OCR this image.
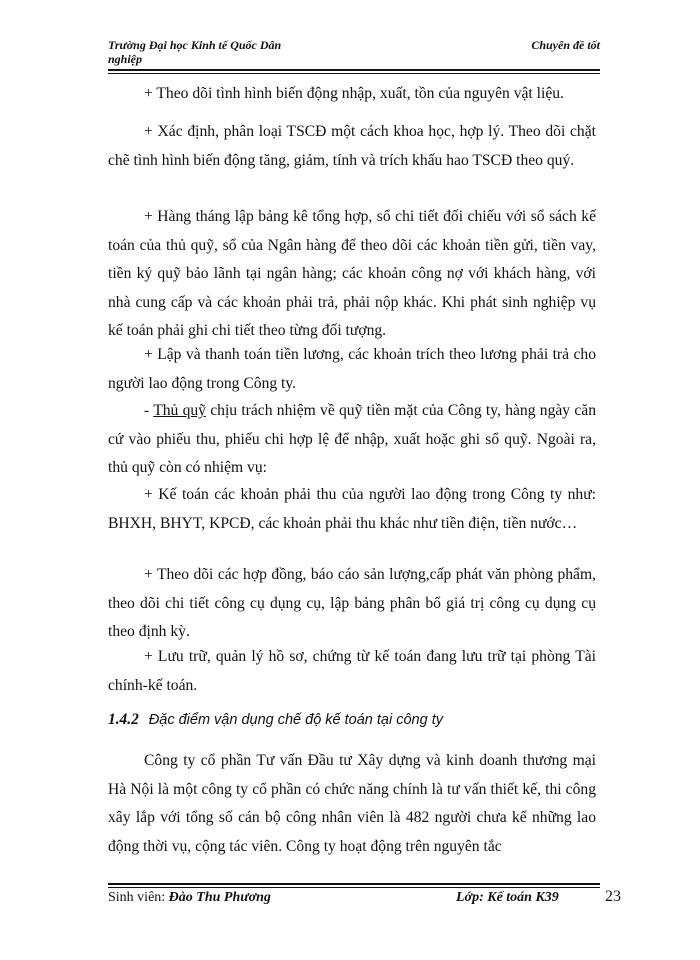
Trường Đại học Kinh tế Quốc Dân
nghiệp
Chuyên đề tốt

+ Theo dõi tình hình biến động nhập, xuất, tồn của nguyên vật liệu.

+ Xác định, phân loại TSCĐ một cách khoa học, hợp lý. Theo dõi chặt chẽ tình hình biến động tăng, giảm, tính và trích khấu hao TSCĐ theo quý.

+ Hàng tháng lập bảng kê tổng hợp, sổ chi tiết đối chiếu với sổ sách kế toán của thủ quỹ, sổ của Ngân hàng để theo dõi các khoản tiền gửi, tiền vay, tiền ký quỹ bảo lãnh tại ngân hàng; các khoản công nợ với khách hàng, với nhà cung cấp và các khoản phải trả, phải nộp khác. Khi phát sinh nghiệp vụ kế toán phải ghi chi tiết theo từng đối tượng.

+ Lập và thanh toán tiền lương, các khoản trích theo lương phải trả cho người lao động trong Công ty.

- Thủ quỹ chịu trách nhiệm về quỹ tiền mặt của Công ty, hàng ngày căn cứ vào phiếu thu, phiếu chi hợp lệ để nhập, xuất hoặc ghi sổ quỹ. Ngoài ra, thủ quỹ còn có nhiệm vụ:

+ Kế toán các khoản phải thu của người lao động trong Công ty như: BHXH, BHYT, KPCĐ, các khoản phải thu khác như tiền điện, tiền nước…

+ Theo dõi các hợp đồng, báo cáo sản lượng,cấp phát văn phòng phẩm, theo dõi chi tiết công cụ dụng cụ, lập bảng phân bổ giá trị công cụ dụng cụ theo định kỳ.

+ Lưu trữ, quản lý hồ sơ, chứng từ kế toán đang lưu trữ tại phòng Tài chính-kế toán.

1.4.2 Đặc điểm vận dụng chế độ kế toán tại công ty

Công ty cổ phần Tư vấn Đầu tư Xây dựng và kinh doanh thương mại Hà Nội là một công ty cổ phần có chức năng chính là tư vấn thiết kế, thi công xây lắp với tổng số cán bộ công nhân viên là 482 người chưa kể những lao động thời vụ, cộng tác viên. Công ty hoạt động trên nguyên tắc

Sinh viên: Đào Thu Phương	Lớp: Kế toán K39	23
